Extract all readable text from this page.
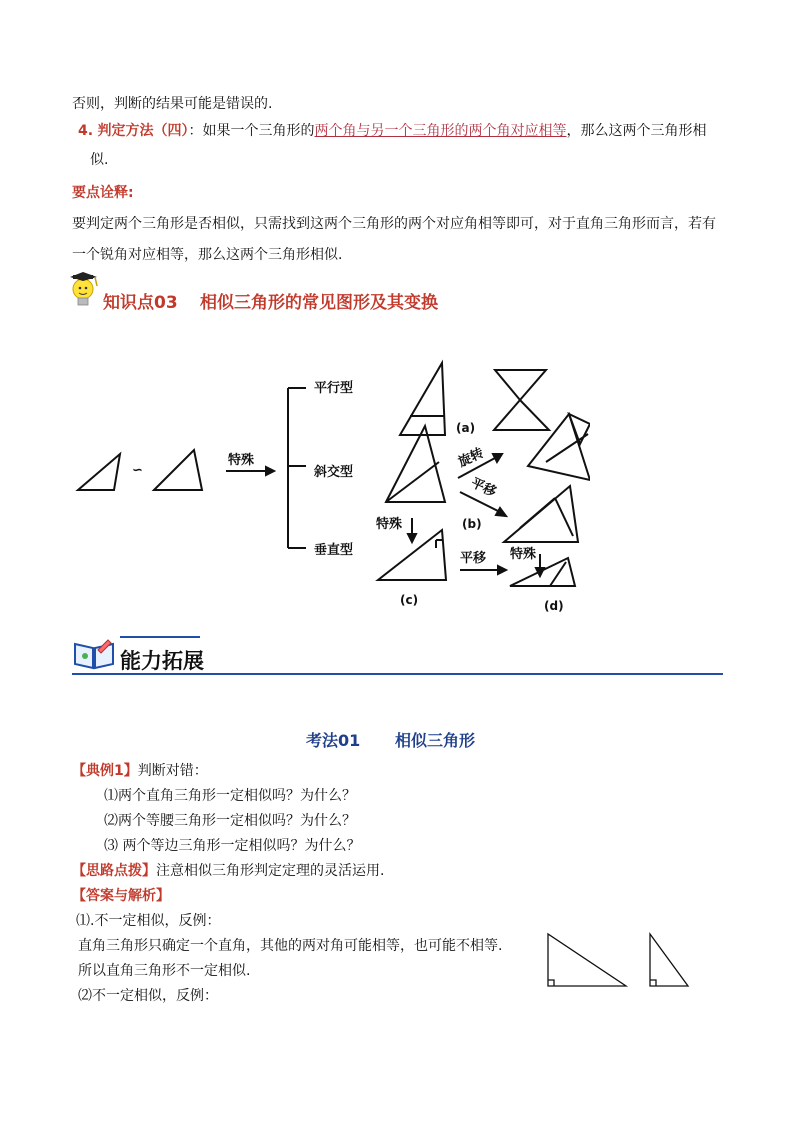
否则，判断的结果可能是错误的.
4. 判定方法（四）：如果一个三角形的两个角与另一个三角形的两个角对应相等，那么这两个三角形相
似.
要点诠释:
要判定两个三角形是否相似，只需找到这两个三角形的两个对应角相等即可，对于直角三角形而言，若有
一个锐角对应相等，那么这两个三角形相似.
知识点03 相似三角形的常见图形及其变换
∽
特殊
平行型
斜交型
垂直型
(a)
(b)
(c)	(d)
旋转
平移
特殊
平移 特殊
能力拓展
考法01 相似三角形
【典例1】判断对错：
⑴两个直角三角形一定相似吗？为什么？
⑵两个等腰三角形一定相似吗？为什么？
⑶ 两个等边三角形一定相似吗？为什么？
【思路点拨】注意相似三角形判定定理的灵活运用.
【答案与解析】
⑴.不一定相似，反例：
直角三角形只确定一个直角，其他的两对角可能相等，也可能不相等.
所以直角三角形不一定相似.
⑵不一定相似，反例：
